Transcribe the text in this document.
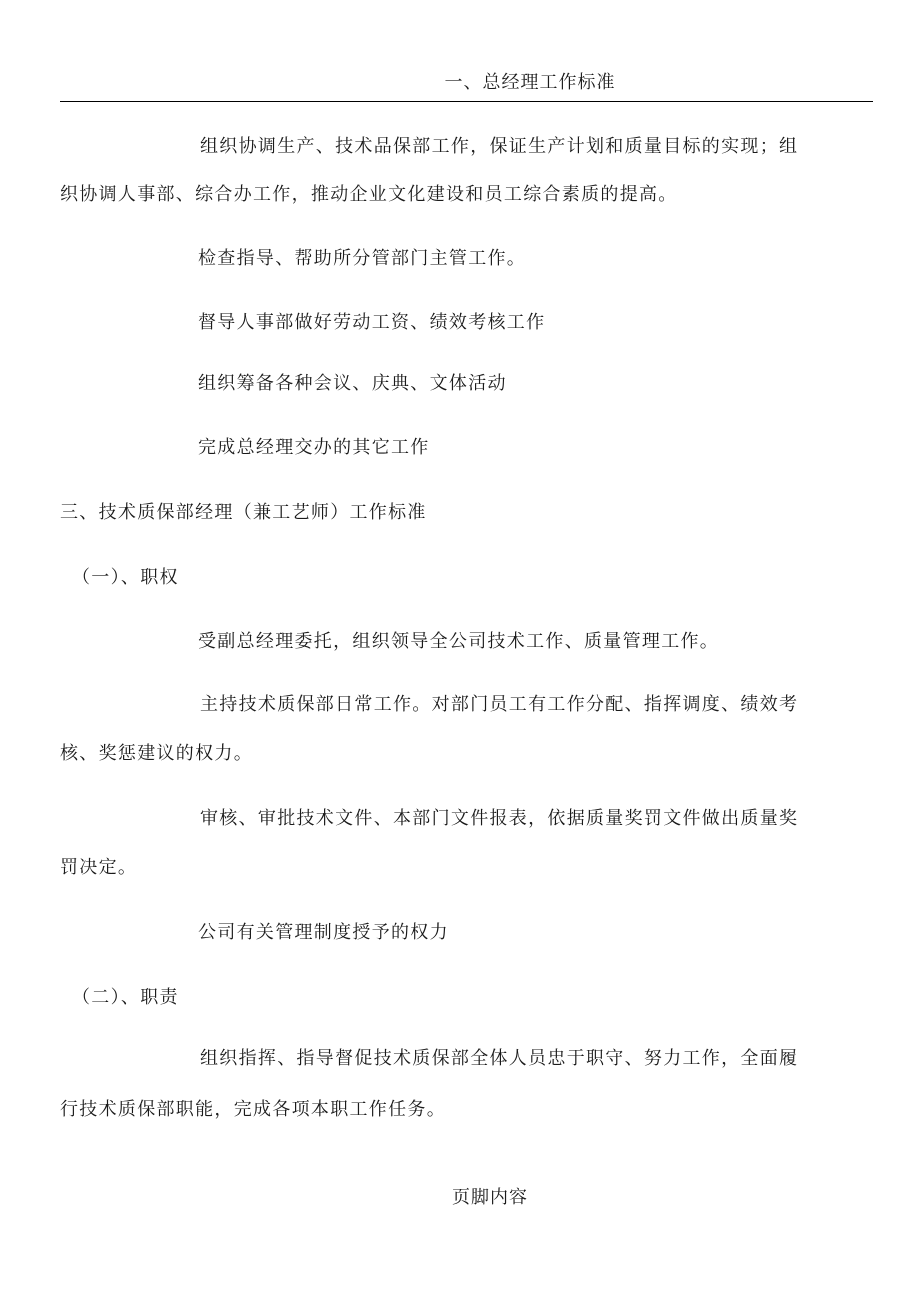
一、总经理工作标准
组织协调生产、技术品保部工作，保证生产计划和质量目标的实现；组
织协调人事部、综合办工作，推动企业文化建设和员工综合素质的提高。
检查指导、帮助所分管部门主管工作。
督导人事部做好劳动工资、绩效考核工作
组织筹备各种会议、庆典、文体活动
完成总经理交办的其它工作
三、技术质保部经理（兼工艺师）工作标准
（一）、职权
受副总经理委托，组织领导全公司技术工作、质量管理工作。
主持技术质保部日常工作。对部门员工有工作分配、指挥调度、绩效考
核、奖惩建议的权力。
审核、审批技术文件、本部门文件报表，依据质量奖罚文件做出质量奖
罚决定。
公司有关管理制度授予的权力
（二）、职责
组织指挥、指导督促技术质保部全体人员忠于职守、努力工作，全面履
行技术质保部职能，完成各项本职工作任务。
页脚内容
